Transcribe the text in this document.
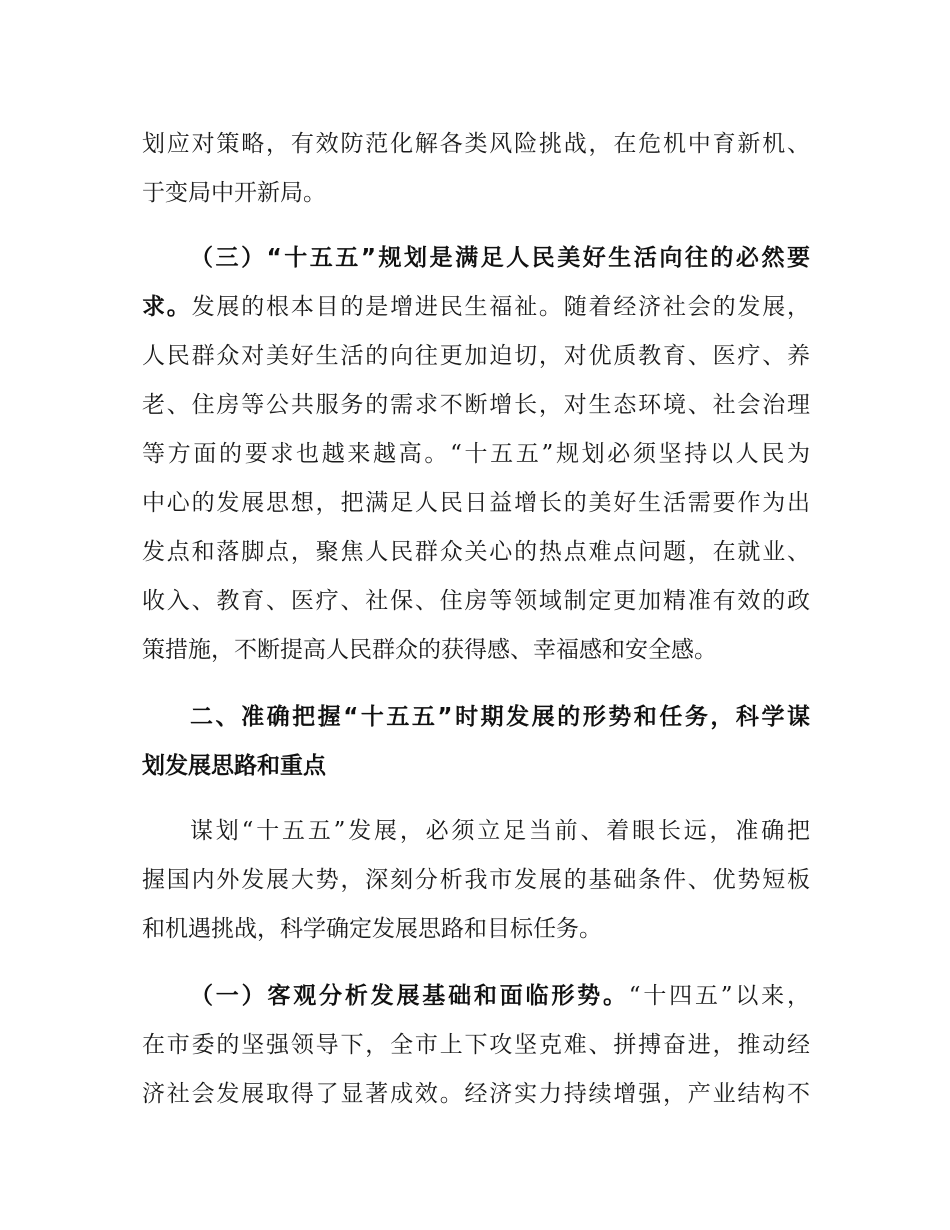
划应对策略，有效防范化解各类风险挑战，在危机中育新机、
于变局中开新局。
（三）“十五五”规划是满足人民美好生活向往的必然要
求。发展的根本目的是增进民生福祉。随着经济社会的发展，
人民群众对美好生活的向往更加迫切，对优质教育、医疗、养
老、住房等公共服务的需求不断增长，对生态环境、社会治理
等方面的要求也越来越高。“十五五”规划必须坚持以人民为
中心的发展思想，把满足人民日益增长的美好生活需要作为出
发点和落脚点，聚焦人民群众关心的热点难点问题，在就业、
收入、教育、医疗、社保、住房等领域制定更加精准有效的政
策措施，不断提高人民群众的获得感、幸福感和安全感。
二、准确把握“十五五”时期发展的形势和任务，科学谋
划发展思路和重点
谋划“十五五”发展，必须立足当前、着眼长远，准确把
握国内外发展大势，深刻分析我市发展的基础条件、优势短板
和机遇挑战，科学确定发展思路和目标任务。
（一）客观分析发展基础和面临形势。“十四五”以来，
在市委的坚强领导下，全市上下攻坚克难、拼搏奋进，推动经
济社会发展取得了显著成效。经济实力持续增强，产业结构不
